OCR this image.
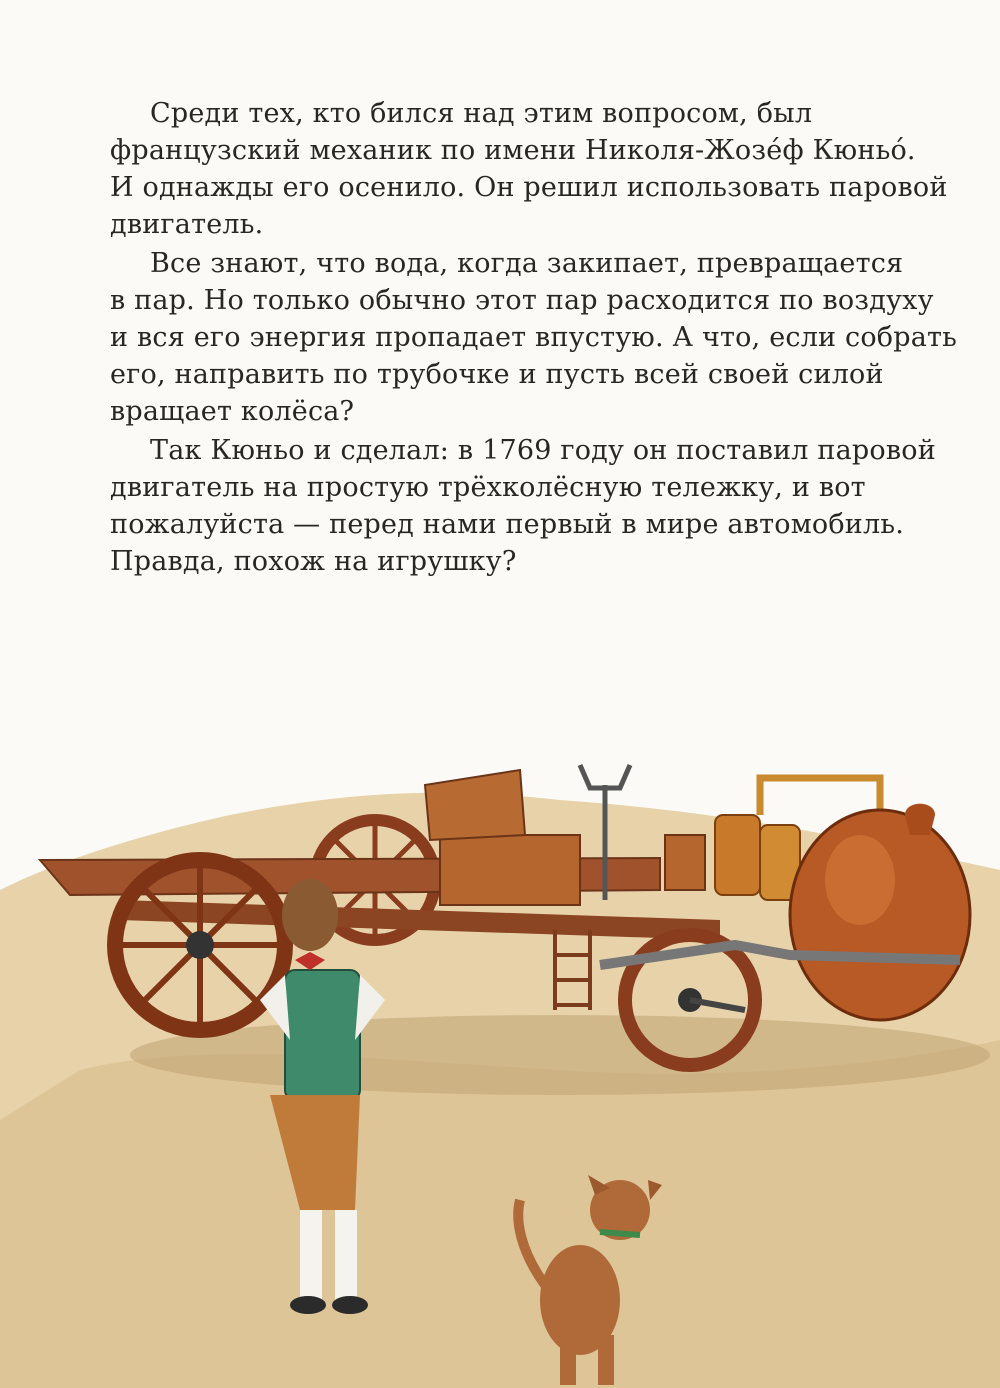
Среди тех, кто бился над этим вопросом, был
французский механик по имени Николя-Жозе́ф Кюньо́.
И однажды его осенило. Он решил использовать паровой
двигатель.
Все знают, что вода, когда закипает, превращается
в пар. Но только обычно этот пар расходится по воздуху
и вся его энергия пропадает впустую. А что, если собрать
его, направить по трубочке и пусть всей своей силой
вращает колёса?
Так Кюньо и сделал: в 1769 году он поставил паровой
двигатель на простую трёхколёсную тележку, и вот
пожалуйста — перед нами первый в мире автомобиль.
Правда, похож на игрушку?
